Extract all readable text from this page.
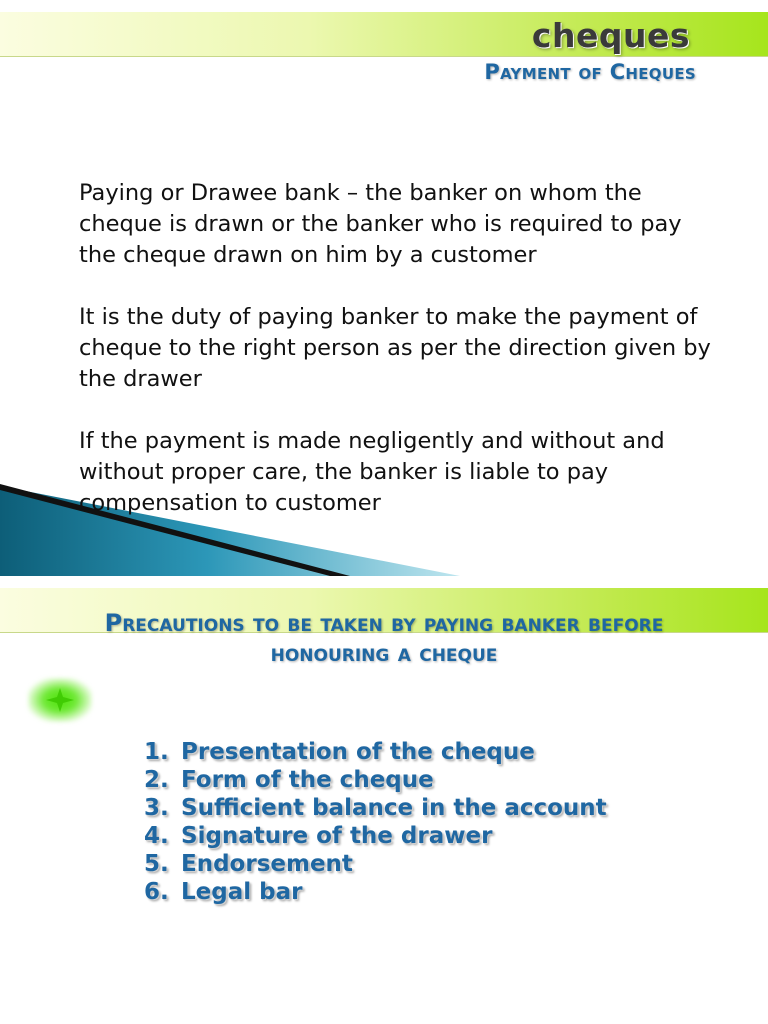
cheques
Payment of Cheques

Paying or Drawee bank – the banker on whom the cheque is drawn or the banker who is required to pay the cheque drawn on him by a customer

It is the duty of paying banker to make the payment of cheque to the right person as per the direction given by the drawer

If the payment is made negligently and without and without proper care, the banker is liable to pay compensation to customer

Precautions to be taken by paying banker before
honouring a cheque
1. Presentation of the cheque
2. Form of the cheque
3. Sufficient balance in the account
4. Signature of the drawer
5. Endorsement
6. Legal bar
